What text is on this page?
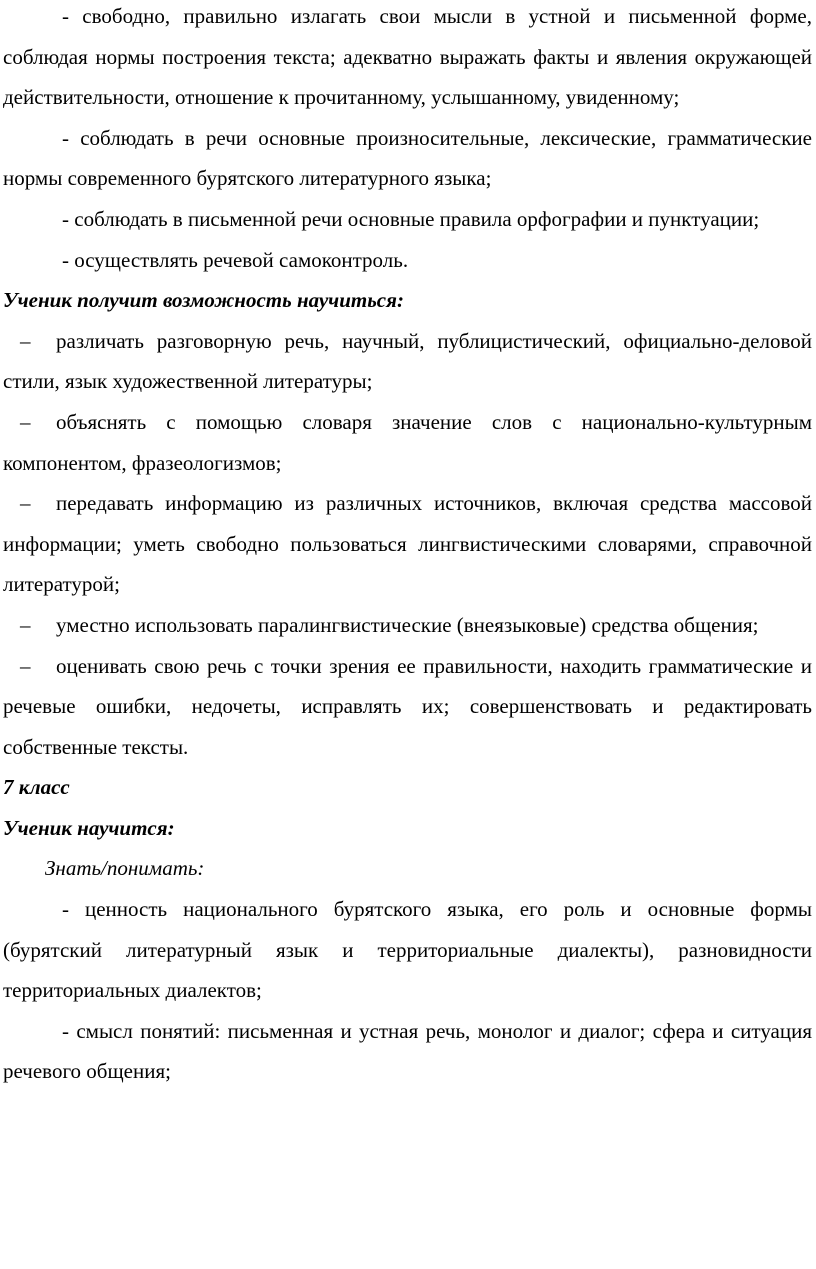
- свободно, правильно излагать свои мысли в устной и письменной форме, соблюдая нормы построения текста; адекватно выражать факты и явления окружающей действительности, отношение к прочитанному, услышанному, увиденному;

- соблюдать в речи основные произносительные, лексические, грамматические нормы современного бурятского литературного языка;

- соблюдать в письменной речи основные правила орфографии и пунктуации;

- осуществлять речевой самоконтроль.

Ученик получит возможность научиться:

– различать разговорную речь, научный, публицистический, официально-деловой стили, язык художественной литературы;

– объяснять с помощью словаря значение слов с национально-культурным компонентом, фразеологизмов;

– передавать информацию из различных источников, включая средства массовой информации; уметь свободно пользоваться лингвистическими словарями, справочной литературой;

– уместно использовать паралингвистические (внеязыковые) средства общения;

– оценивать свою речь с точки зрения ее правильности, находить грамматические и речевые ошибки, недочеты, исправлять их; совершенствовать и редактировать собственные тексты.

7 класс

Ученик научится:

Знать/понимать:

- ценность национального бурятского языка, его роль и основные формы (бурятский литературный язык и территориальные диалекты), разновидности территориальных диалектов;

- смысл понятий: письменная и устная речь, монолог и диалог; сфера и ситуация речевого общения;
